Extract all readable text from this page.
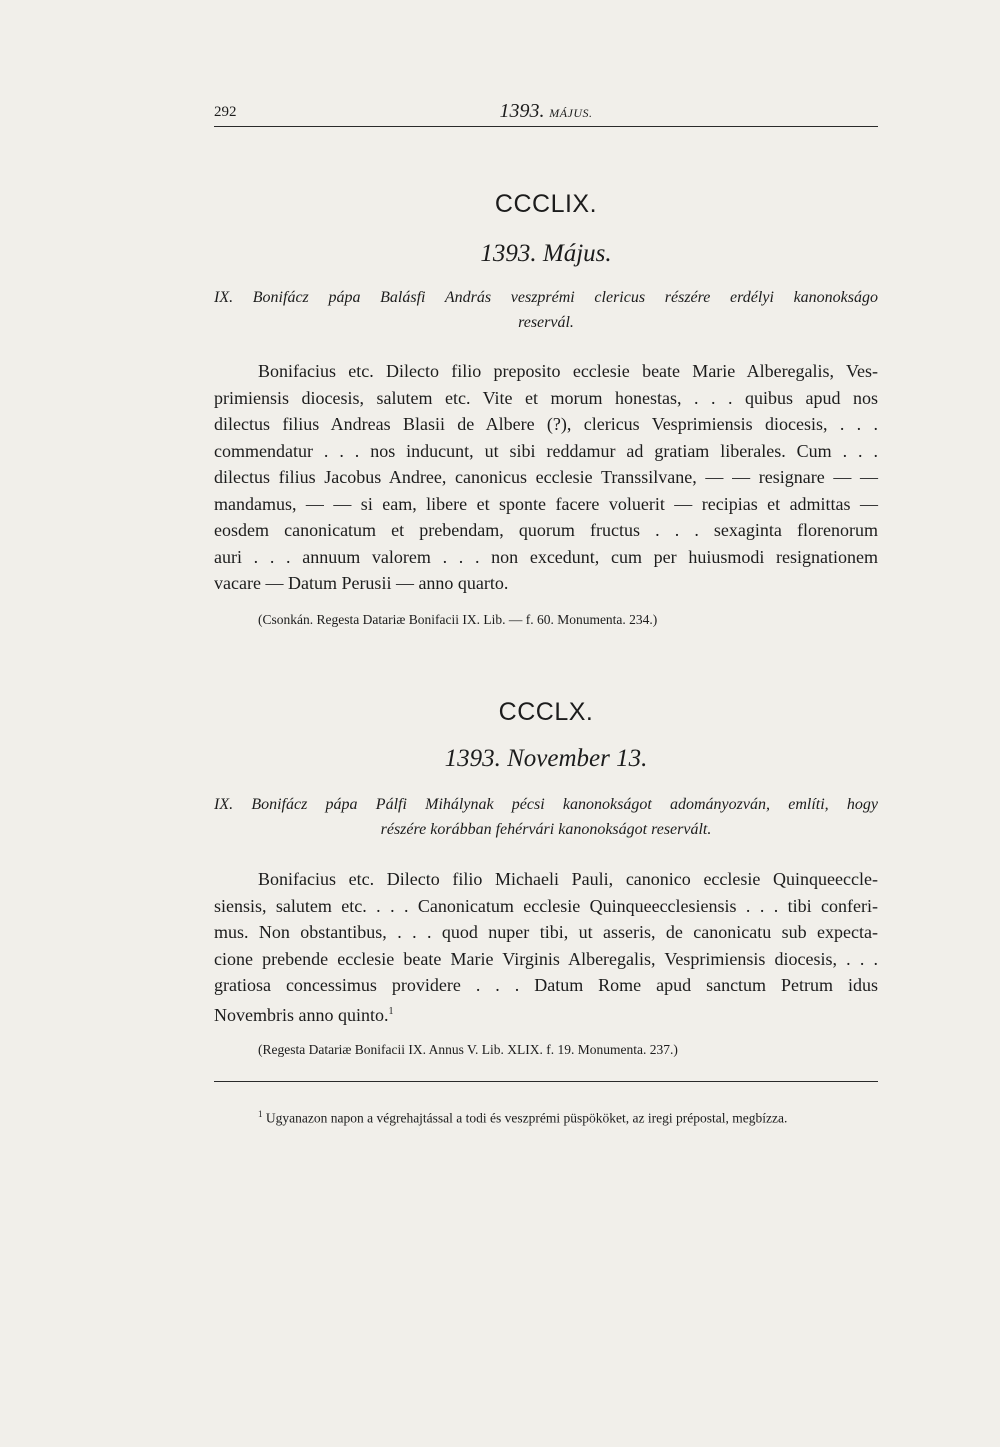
292	1393. MÁJUS.
CCCLIX.
1393. Május.
IX. Bonifácz pápa Balásfi András veszprémi clericus részére erdélyi kanonokságo
reservál.
Bonifacius etc. Dilecto filio preposito ecclesie beate Marie Alberegalis, Ves-
primiensis diocesis, salutem etc. Vite et morum honestas, . . . quibus apud nos
dilectus filius Andreas Blasii de Albere (?), clericus Vesprimiensis diocesis, . . .
commendatur . . . nos inducunt, ut sibi reddamur ad gratiam liberales. Cum . . .
dilectus filius Jacobus Andree, canonicus ecclesie Transsilvane, — — resignare — —
mandamus, — — si eam, libere et sponte facere voluerit — recipias et admittas —
eosdem canonicatum et prebendam, quorum fructus . . . sexaginta florenorum
auri . . . annuum valorem . . . non excedunt, cum per huiusmodi resignationem
vacare — Datum Perusii — anno quarto.
(Csonkán. Regesta Datariæ Bonifacii IX. Lib. — f. 60. Monumenta. 234.)
CCCLX.
1393. November 13.
IX. Bonifácz pápa Pálfi Mihálynak pécsi kanonokságot adományozván, említi, hogy
részére korábban fehérvári kanonokságot reservált.
Bonifacius etc. Dilecto filio Michaeli Pauli, canonico ecclesie Quinqueeccle-
siensis, salutem etc. . . . Canonicatum ecclesie Quinqueecclesiensis . . . tibi conferi-
mus. Non obstantibus, . . . quod nuper tibi, ut asseris, de canonicatu sub expecta-
cione prebende ecclesie beate Marie Virginis Alberegalis, Vesprimiensis diocesis, . . .
gratiosa concessimus providere . . . Datum Rome apud sanctum Petrum idus
Novembris anno quinto.$^1$
(Regesta Datariæ Bonifacii IX. Annus V. Lib. XLIX. f. 19. Monumenta. 237.)
$^1$ Ugyanazon napon a végrehajtással a todi és veszprémi püspököket, az iregi prépostal, megbízza.
